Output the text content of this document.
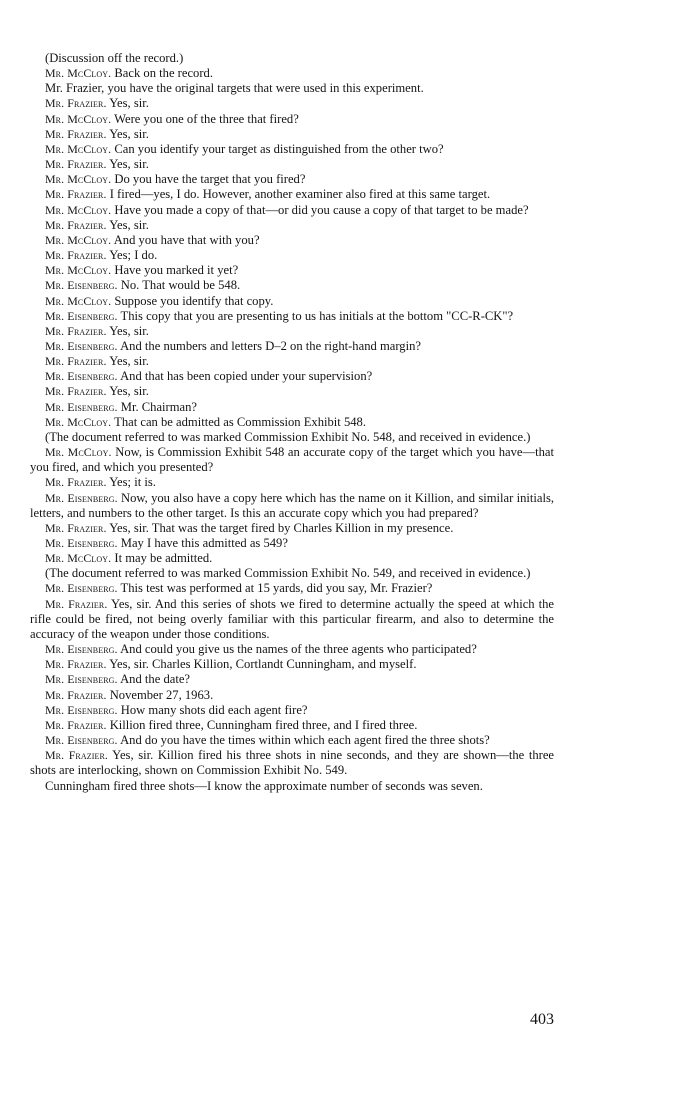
(Discussion off the record.)

Mr. McCloy. Back on the record.

Mr. Frazier, you have the original targets that were used in this experiment.

Mr. Frazier. Yes, sir.

Mr. McCloy. Were you one of the three that fired?

Mr. Frazier. Yes, sir.

Mr. McCloy. Can you identify your target as distinguished from the other two?

Mr. Frazier. Yes, sir.

Mr. McCloy. Do you have the target that you fired?

Mr. Frazier. I fired—yes, I do. However, another examiner also fired at this same target.

Mr. McCloy. Have you made a copy of that—or did you cause a copy of that target to be made?

Mr. Frazier. Yes, sir.

Mr. McCloy. And you have that with you?

Mr. Frazier. Yes; I do.

Mr. McCloy. Have you marked it yet?

Mr. Eisenberg. No. That would be 548.

Mr. McCloy. Suppose you identify that copy.

Mr. Eisenberg. This copy that you are presenting to us has initials at the bottom "CC-R-CK"?

Mr. Frazier. Yes, sir.

Mr. Eisenberg. And the numbers and letters D–2 on the right-hand margin?

Mr. Frazier. Yes, sir.

Mr. Eisenberg. And that has been copied under your supervision?

Mr. Frazier. Yes, sir.

Mr. Eisenberg. Mr. Chairman?

Mr. McCloy. That can be admitted as Commission Exhibit 548.

(The document referred to was marked Commission Exhibit No. 548, and received in evidence.)

Mr. McCloy. Now, is Commission Exhibit 548 an accurate copy of the target which you have—that you fired, and which you presented?

Mr. Frazier. Yes; it is.

Mr. Eisenberg. Now, you also have a copy here which has the name on it Killion, and similar initials, letters, and numbers to the other target. Is this an accurate copy which you had prepared?

Mr. Frazier. Yes, sir. That was the target fired by Charles Killion in my presence.

Mr. Eisenberg. May I have this admitted as 549?

Mr. McCloy. It may be admitted.

(The document referred to was marked Commission Exhibit No. 549, and received in evidence.)

Mr. Eisenberg. This test was performed at 15 yards, did you say, Mr. Frazier?

Mr. Frazier. Yes, sir. And this series of shots we fired to determine actually the speed at which the rifle could be fired, not being overly familiar with this particular firearm, and also to determine the accuracy of the weapon under those conditions.

Mr. Eisenberg. And could you give us the names of the three agents who participated?

Mr. Frazier. Yes, sir. Charles Killion, Cortlandt Cunningham, and myself.

Mr. Eisenberg. And the date?

Mr. Frazier. November 27, 1963.

Mr. Eisenberg. How many shots did each agent fire?

Mr. Frazier. Killion fired three, Cunningham fired three, and I fired three.

Mr. Eisenberg. And do you have the times within which each agent fired the three shots?

Mr. Frazier. Yes, sir. Killion fired his three shots in nine seconds, and they are shown—the three shots are interlocking, shown on Commission Exhibit No. 549.

Cunningham fired three shots—I know the approximate number of seconds was seven.

403
